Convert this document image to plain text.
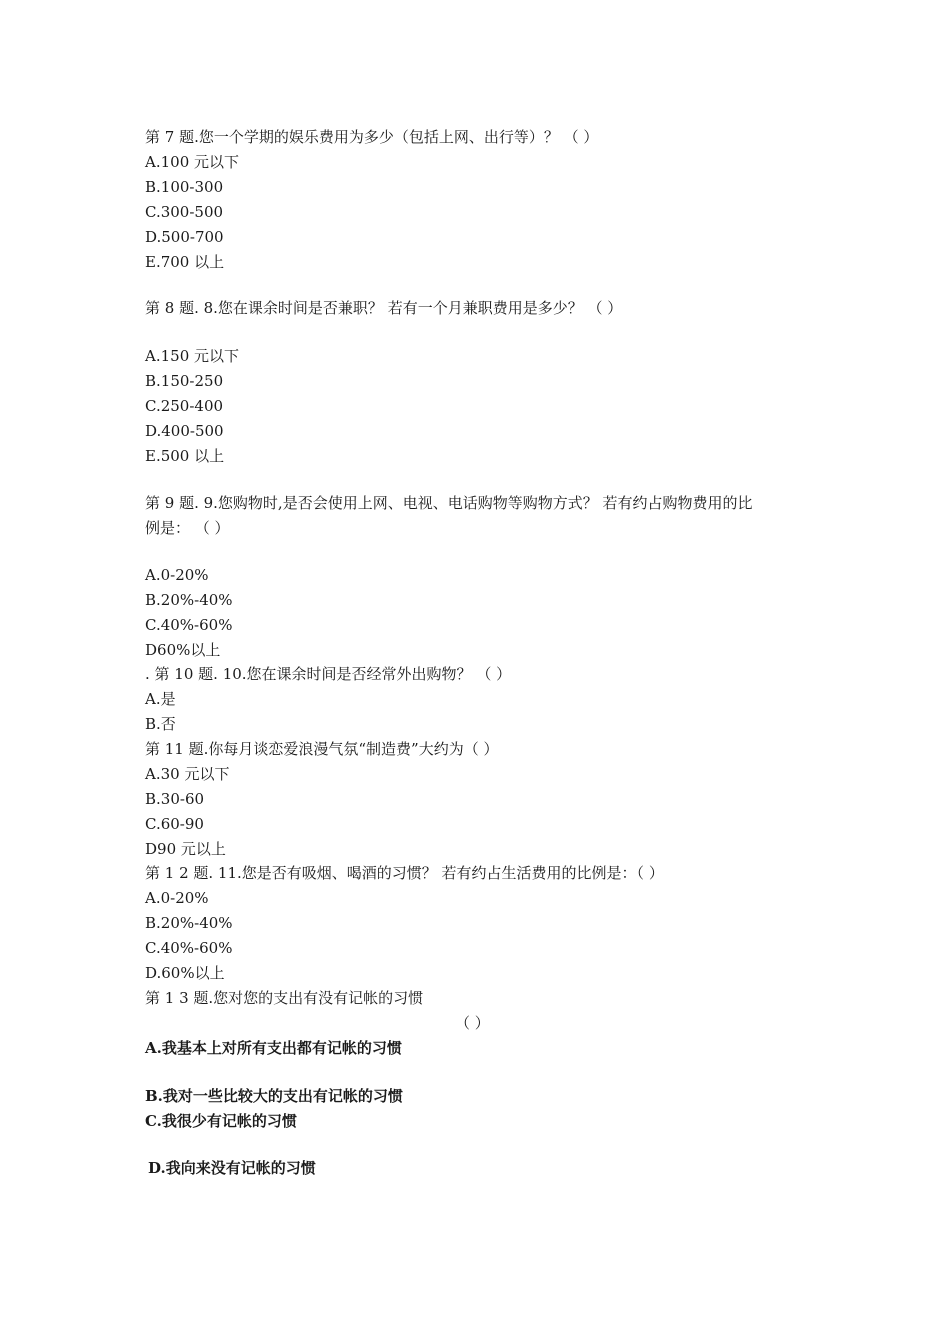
第 7 题.您一个学期的娱乐费用为多少（包括上网、出行等）？ （ ）
A.100 元以下
B.100-300
C.300-500
D.500-700
E.700 以上
第 8 题. 8.您在课余时间是否兼职？ 若有一个月兼职费用是多少？ （ ）
A.150 元以下
B.150-250
C.250-400
D.400-500
E.500 以上
第 9 题. 9.您购物时,是否会使用上网、电视、电话购物等购物方式？ 若有约占购物费用的比
例是： （ ）
A.0-20%
B.20%-40%
C.40%-60%
D60%以上
. 第 10 题. 10.您在课余时间是否经常外出购物？ （ ）
A.是
B.否
第 11 题.你每月谈恋爱浪漫气氛“制造费”大约为（ ）
A.30 元以下
B.30-60
C.60-90
D90 元以上
第 1 2 题. 11.您是否有吸烟、喝酒的习惯？ 若有约占生活费用的比例是：（ ）
A.0-20%
B.20%-40%
C.40%-60%
D.60%以上
第 1 3 题.您对您的支出有没有记帐的习惯
（ ）
A.我基本上对所有支出都有记帐的习惯
B.我对一些比较大的支出有记帐的习惯
C.我很少有记帐的习惯
D.我向来没有记帐的习惯
